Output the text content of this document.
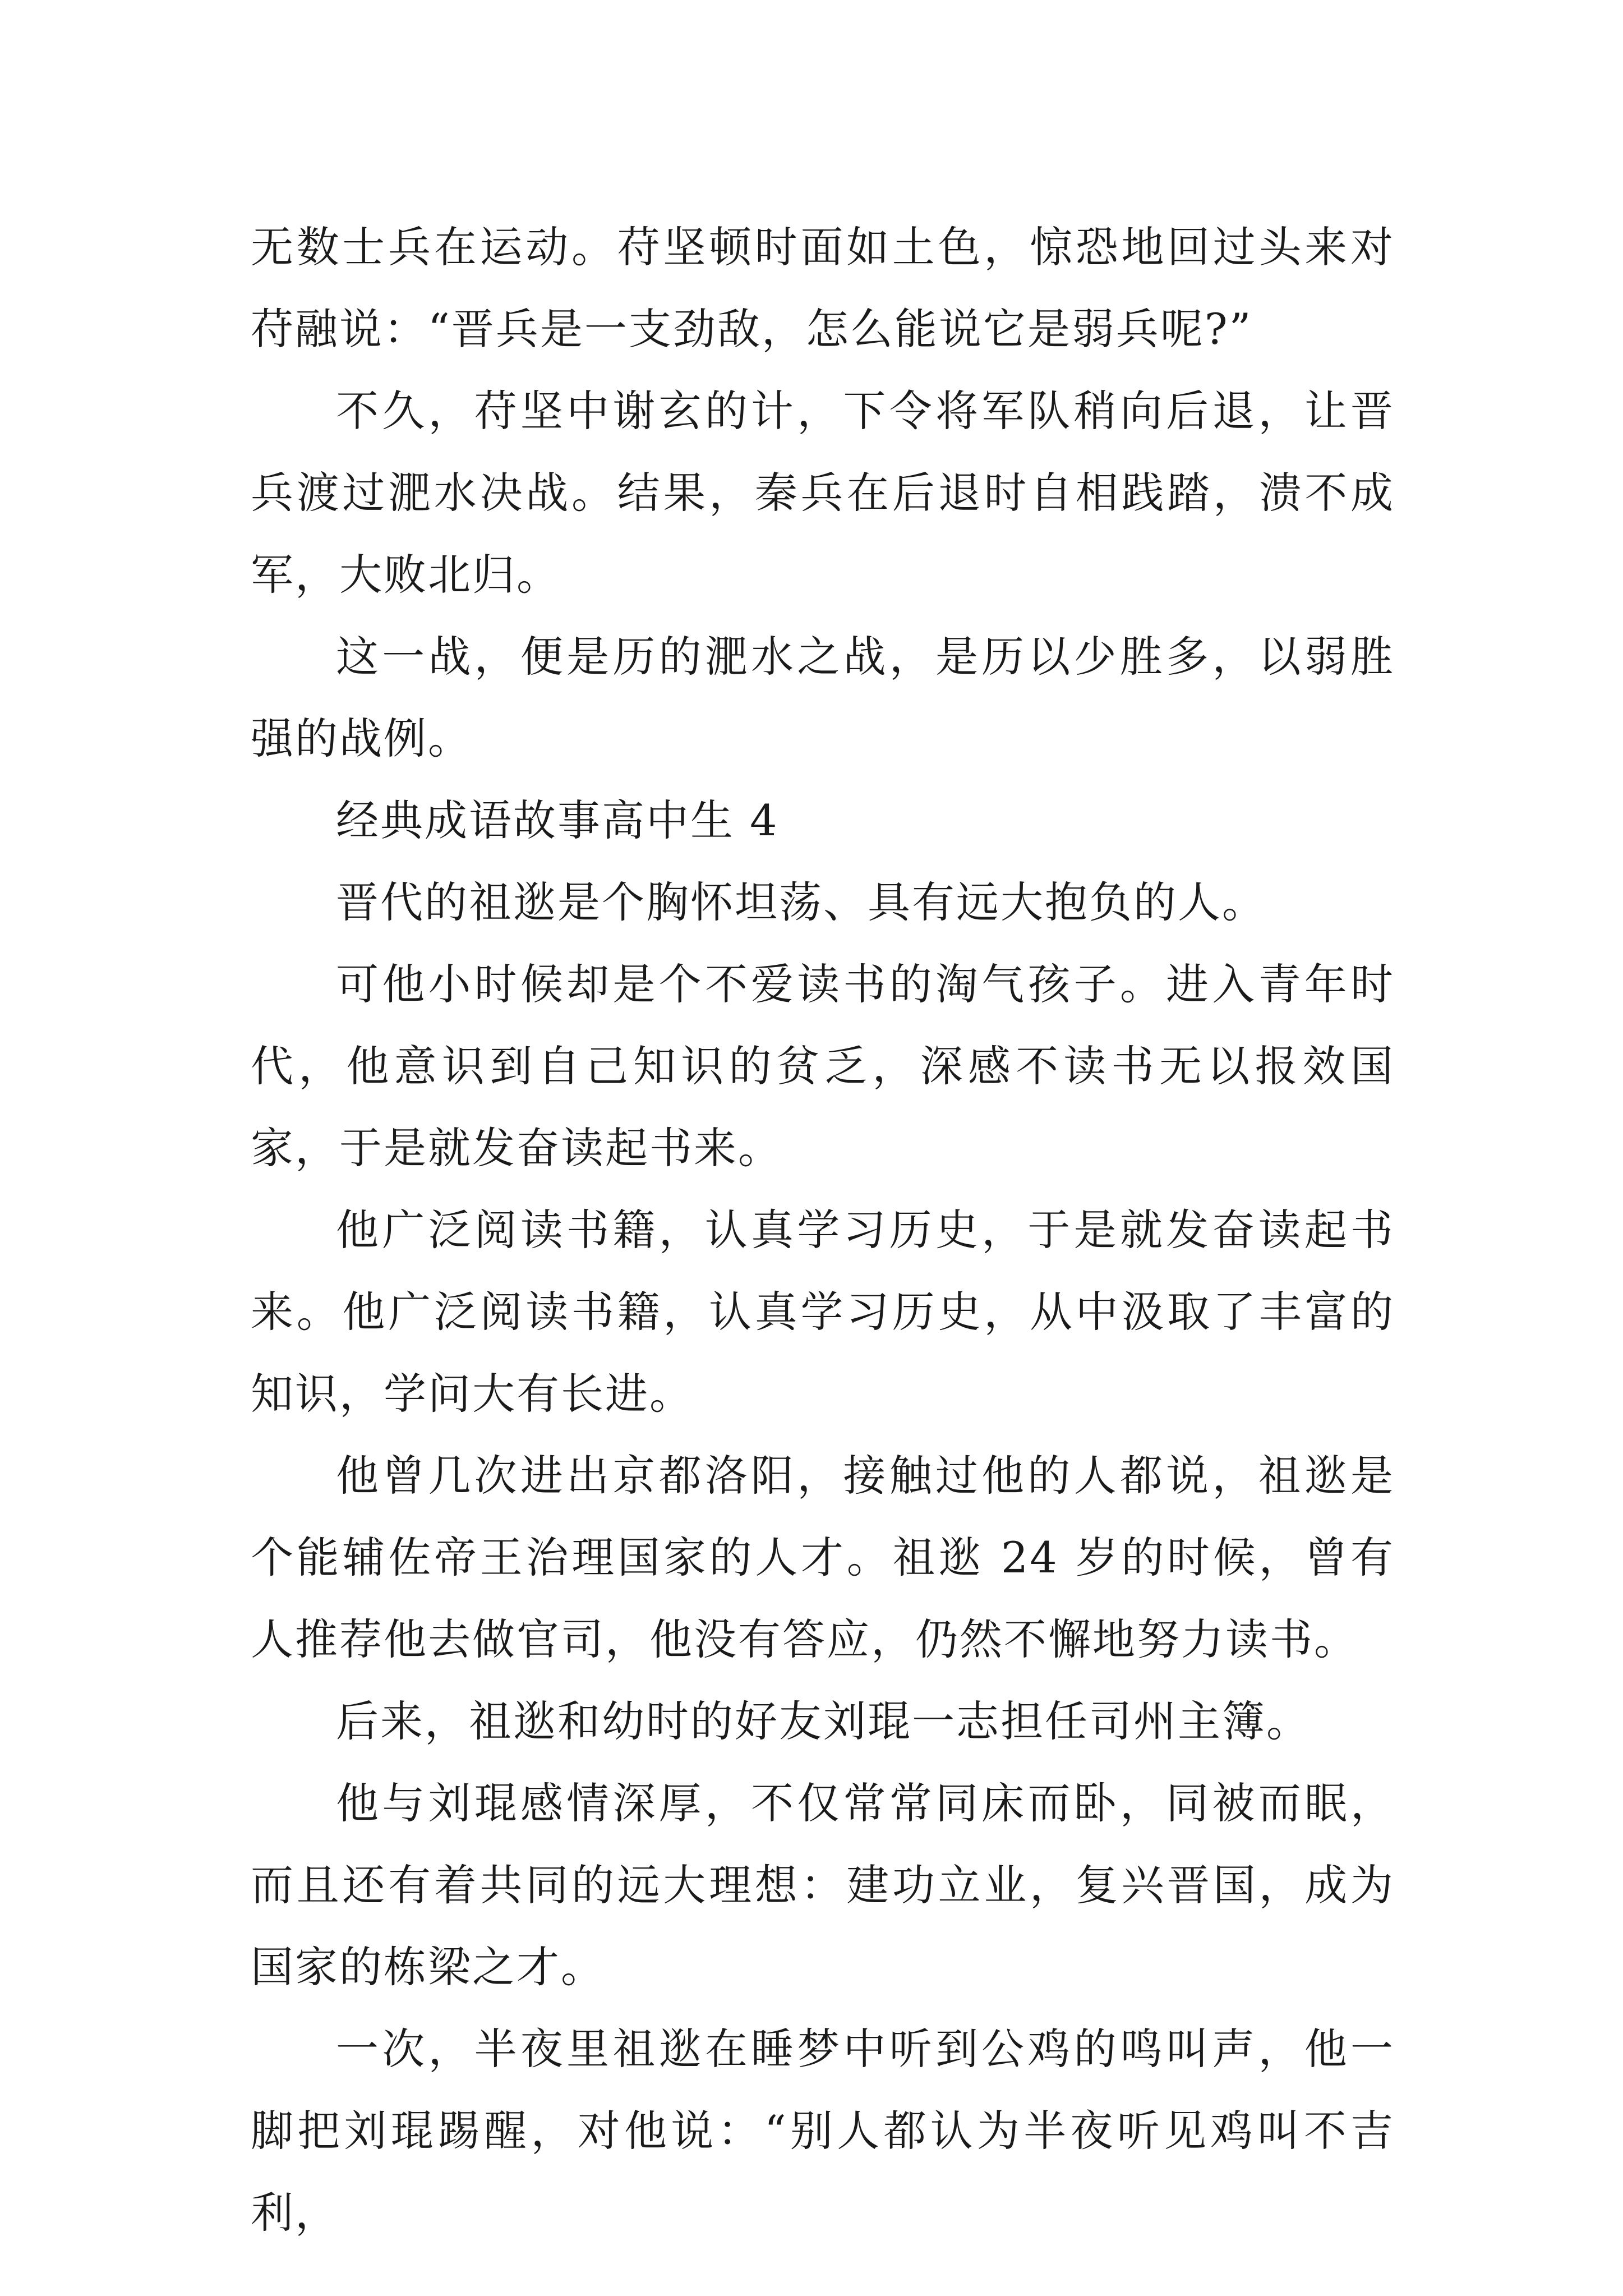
无数士兵在运动。苻坚顿时面如土色，惊恐地回过头来对苻融说：“晋兵是一支劲敌，怎么能说它是弱兵呢?”

不久，苻坚中谢玄的计，下令将军队稍向后退，让晋兵渡过淝水决战。结果，秦兵在后退时自相践踏，溃不成军，大败北归。

这一战，便是历的淝水之战，是历以少胜多，以弱胜强的战例。

经典成语故事高中生 4

晋代的祖逖是个胸怀坦荡、具有远大抱负的人。

可他小时候却是个不爱读书的淘气孩子。进入青年时代，他意识到自己知识的贫乏，深感不读书无以报效国家，于是就发奋读起书来。

他广泛阅读书籍，认真学习历史，于是就发奋读起书来。他广泛阅读书籍，认真学习历史，从中汲取了丰富的知识，学问大有长进。

他曾几次进出京都洛阳，接触过他的人都说，祖逖是个能辅佐帝王治理国家的人才。祖逖 24 岁的时候，曾有人推荐他去做官司，他没有答应，仍然不懈地努力读书。

后来，祖逖和幼时的好友刘琨一志担任司州主簿。

他与刘琨感情深厚，不仅常常同床而卧，同被而眠，而且还有着共同的远大理想：建功立业，复兴晋国，成为国家的栋梁之才。

一次，半夜里祖逖在睡梦中听到公鸡的鸣叫声，他一脚把刘琨踢醒，对他说：“别人都认为半夜听见鸡叫不吉利，
